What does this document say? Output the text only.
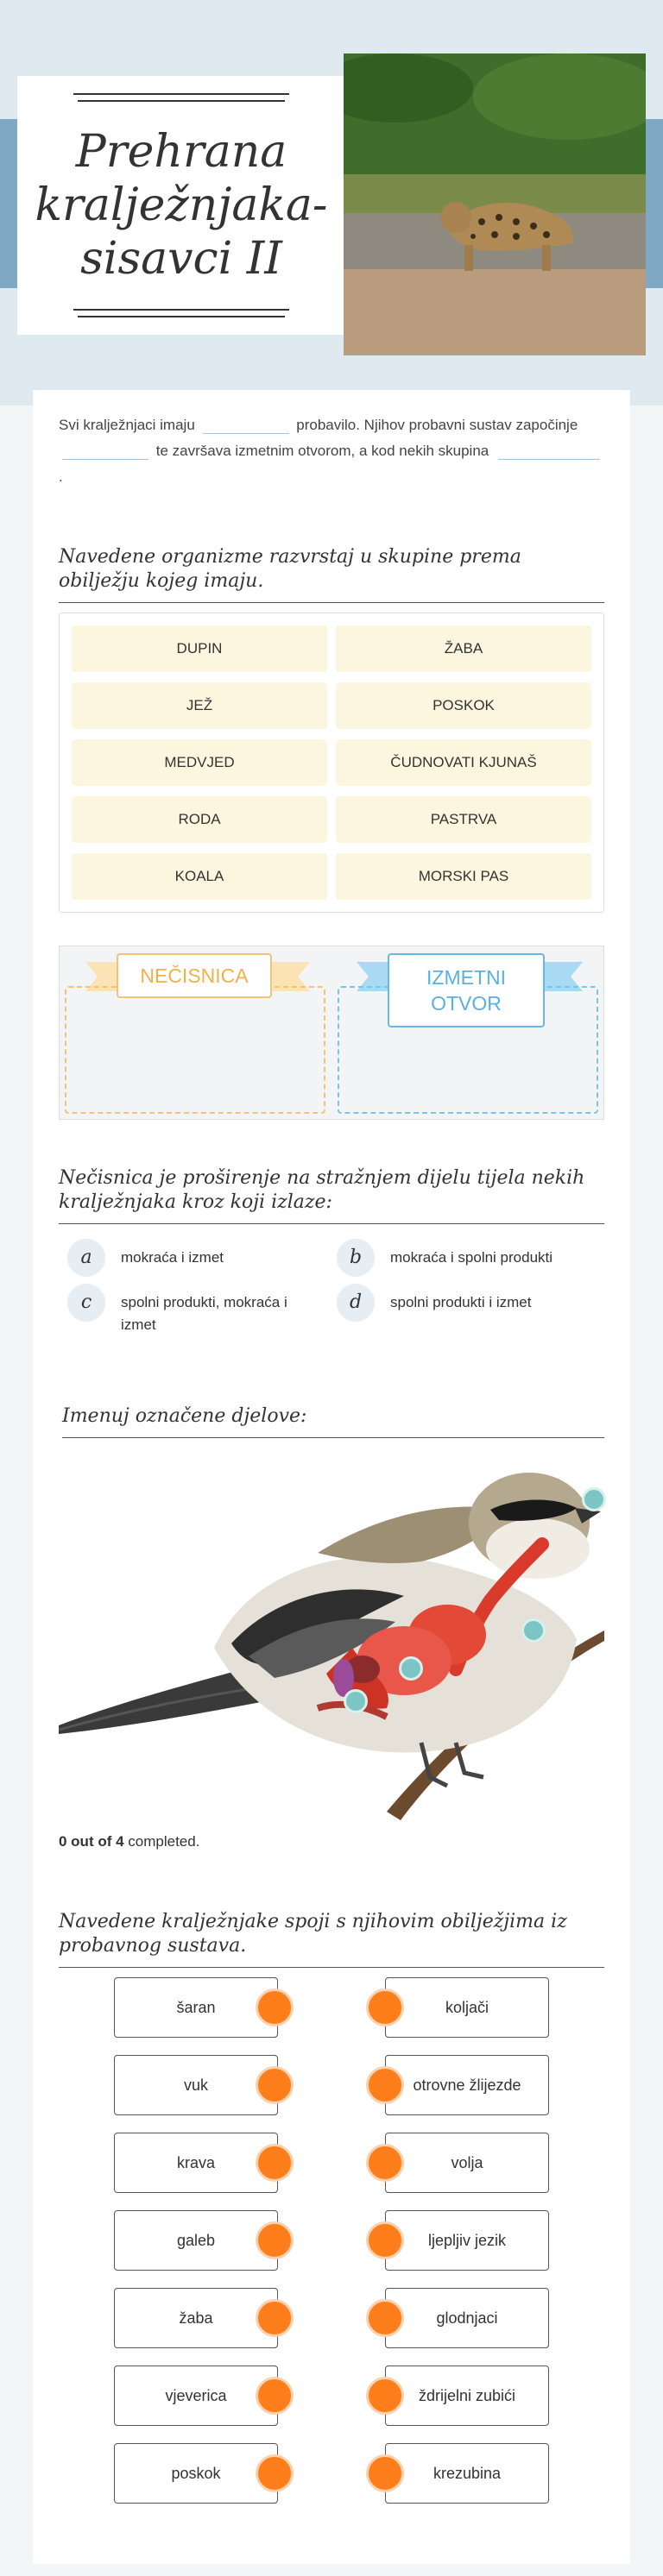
Prehrana
kralježnjaka-
sisavci II
Svi kralježnjaci imaju	probavilo. Njihov probavni sustav započinje  te završava izmetnim otvorom, a kod nekih skupina  .
Navedene organizme razvrstaj u skupine prema obilježju kojeg imaju.
DUPIN	ŽABA
JEŽ	POSKOK
MEDVJED	ČUDNOVATI KJUNAŠ
RODA	PASTRVA
KOALA	MORSKI PAS
NEČISNICA	IZMETNI OTVOR
Nečisnica je proširenje na stražnjem dijelu tijela nekih kralježnjaka kroz koji izlaze:
a	mokraća i izmet	b	mokraća i spolni produkti
c	spolni produkti, mokraća i izmet
d	spolni produkti i izmet
Imenuj označene djelove:
0 out of 4 completed.
Navedene kralježnjake spoji s njihovim obilježjima iz probavnog sustava.
šaran	koljači
vuk	otrovne žlijezde
krava	volja
galeb	ljepljiv jezik
žaba	glodnjaci
vjeverica	ždrijelni zubići
poskok	krezubina
